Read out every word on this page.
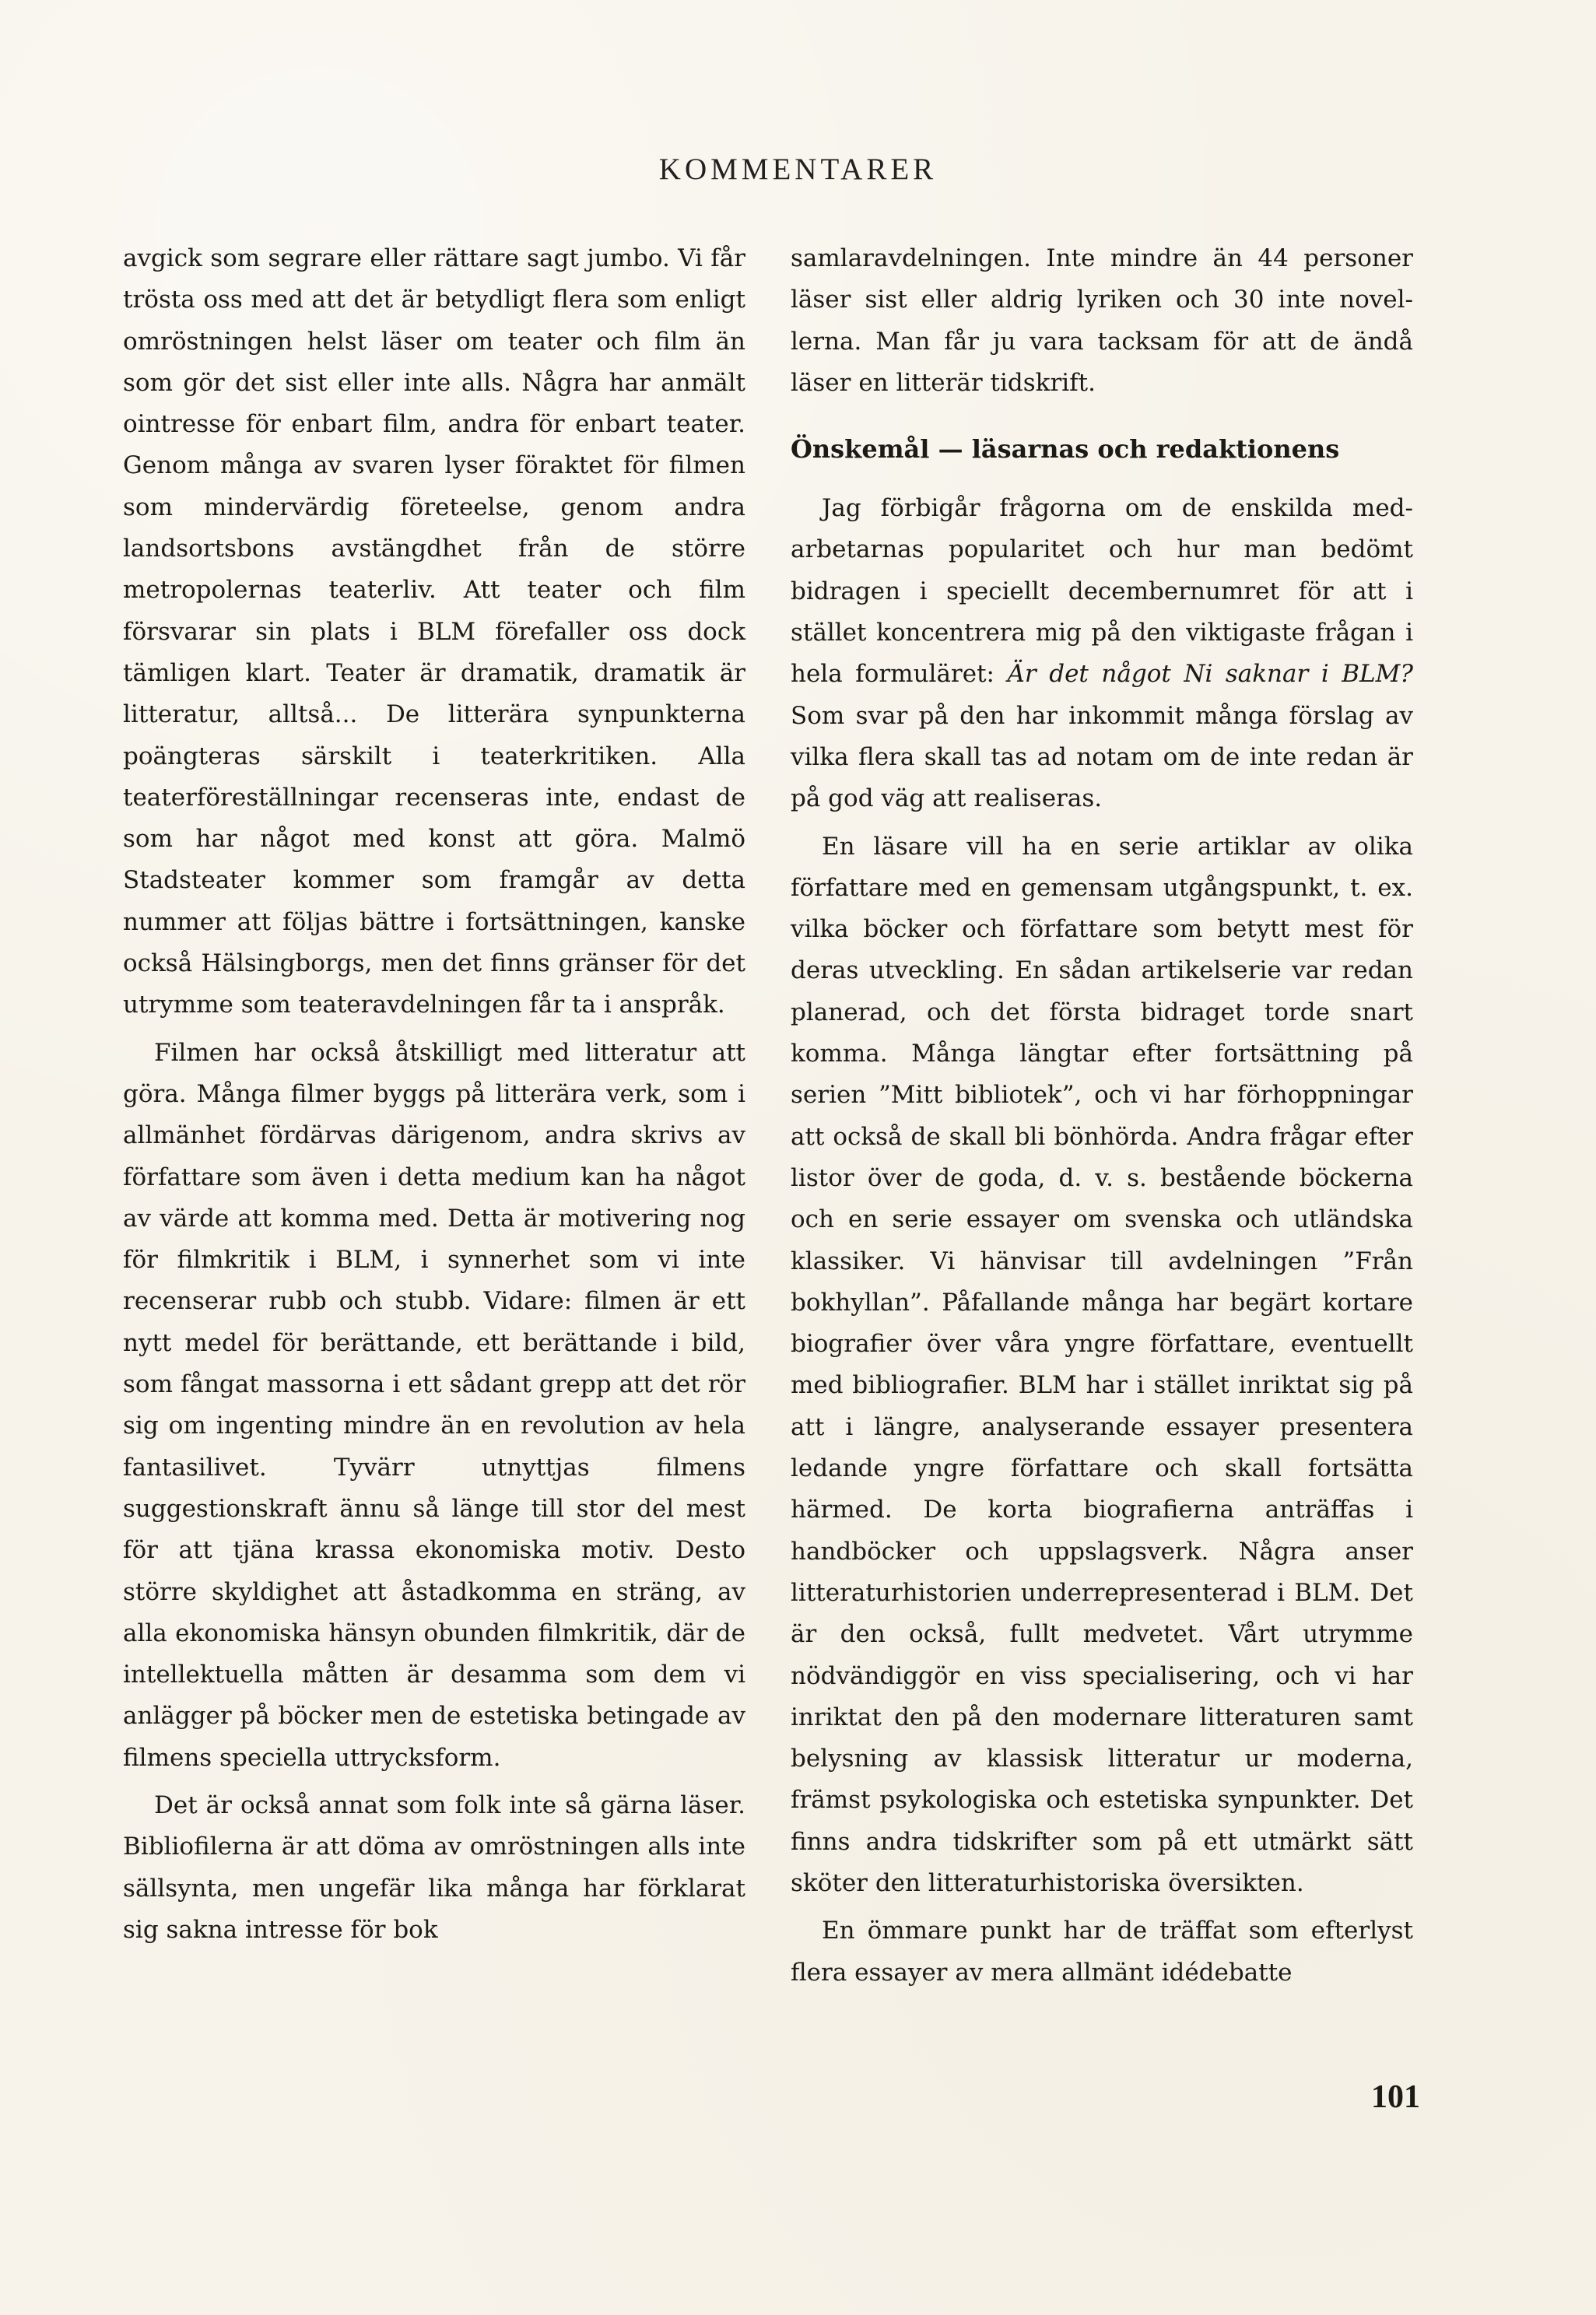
KOMMENTARER

avgick som segrare eller rättare sagt jumbo. Vi får trösta oss med att det är betydligt flera som enligt omröstningen helst läser om teater och film än som gör det sist eller inte alls. Några har anmält ointresse för enbart film, andra för enbart teater. Genom många av svaren lyser föraktet för filmen som mindervärdig företeelse, genom andra landsortsbons avstängdhet från de större metropolernas teaterliv. Att teater och film försvarar sin plats i BLM förefaller oss dock tämligen klart. Teater är dramatik, dramatik är litteratur, alltså... De litterära synpunkterna poängteras särskilt i teaterkritiken. Alla teaterföreställningar recenseras inte, endast de som har något med konst att göra. Malmö Stadsteater kommer som framgår av detta nummer att följas bättre i fortsättningen, kanske också Hälsingborgs, men det finns gränser för det utrymme som teateravdelningen får ta i anspråk.

Filmen har också åtskilligt med litteratur att göra. Många filmer byggs på litterära verk, som i allmänhet fördärvas därigenom, andra skrivs av författare som även i detta medium kan ha något av värde att komma med. Detta är motivering nog för filmkritik i BLM, i synnerhet som vi inte recenserar rubb och stubb. Vidare: filmen är ett nytt medel för berättande, ett berättande i bild, som fångat massorna i ett sådant grepp att det rör sig om ingenting mindre än en revolution av hela fantasilivet. Tyvärr utnyttjas filmens suggestionskraft ännu så länge till stor del mest för att tjäna krassa ekonomiska motiv. Desto större skyldighet att åstadkomma en sträng, av alla ekonomiska hänsyn obunden filmkritik, där de intellektuella måtten är desamma som dem vi anlägger på böcker men de estetiska betingade av filmens speciella uttrycksform.

Det är också annat som folk inte så gärna läser. Bibliofilerna är att döma av omröstningen alls inte sällsynta, men ungefär lika många har förklarat sig sakna intresse för bok

samlaravdelningen. Inte mindre än 44 personer läser sist eller aldrig lyriken och 30 inte novellerna. Man får ju vara tacksam för att de ändå läser en litterär tidskrift.

Önskemål — läsarnas och redaktionens

Jag förbigår frågorna om de enskilda medarbetarnas popularitet och hur man bedömt bidragen i speciellt decembernumret för att i stället koncentrera mig på den viktigaste frågan i hela formuläret: Är det något Ni saknar i BLM? Som svar på den har inkommit många förslag av vilka flera skall tas ad notam om de inte redan är på god väg att realiseras.

En läsare vill ha en serie artiklar av olika författare med en gemensam utgångspunkt, t. ex. vilka böcker och författare som betytt mest för deras utveckling. En sådan artikelserie var redan planerad, och det första bidraget torde snart komma. Många längtar efter fortsättning på serien ”Mitt bibliotek”, och vi har förhoppningar att också de skall bli bönhörda. Andra frågar efter listor över de goda, d. v. s. bestående böckerna och en serie essayer om svenska och utländska klassiker. Vi hänvisar till avdelningen ”Från bokhyllan”. Påfallande många har begärt kortare biografier över våra yngre författare, eventuellt med bibliografier. BLM har i stället inriktat sig på att i längre, analyserande essayer presentera ledande yngre författare och skall fortsätta härmed. De korta biografierna anträffas i handböcker och uppslagsverk. Några anser litteraturhistorien underrepresenterad i BLM. Det är den också, fullt medvetet. Vårt utrymme nödvändiggör en viss specialisering, och vi har inriktat den på den modernare litteraturen samt belysning av klassisk litteratur ur moderna, främst psykologiska och estetiska synpunkter. Det finns andra tidskrifter som på ett utmärkt sätt sköter den litteraturhistoriska översikten.

En ömmare punkt har de träffat som efterlyst flera essayer av mera allmänt idédebatte

101
